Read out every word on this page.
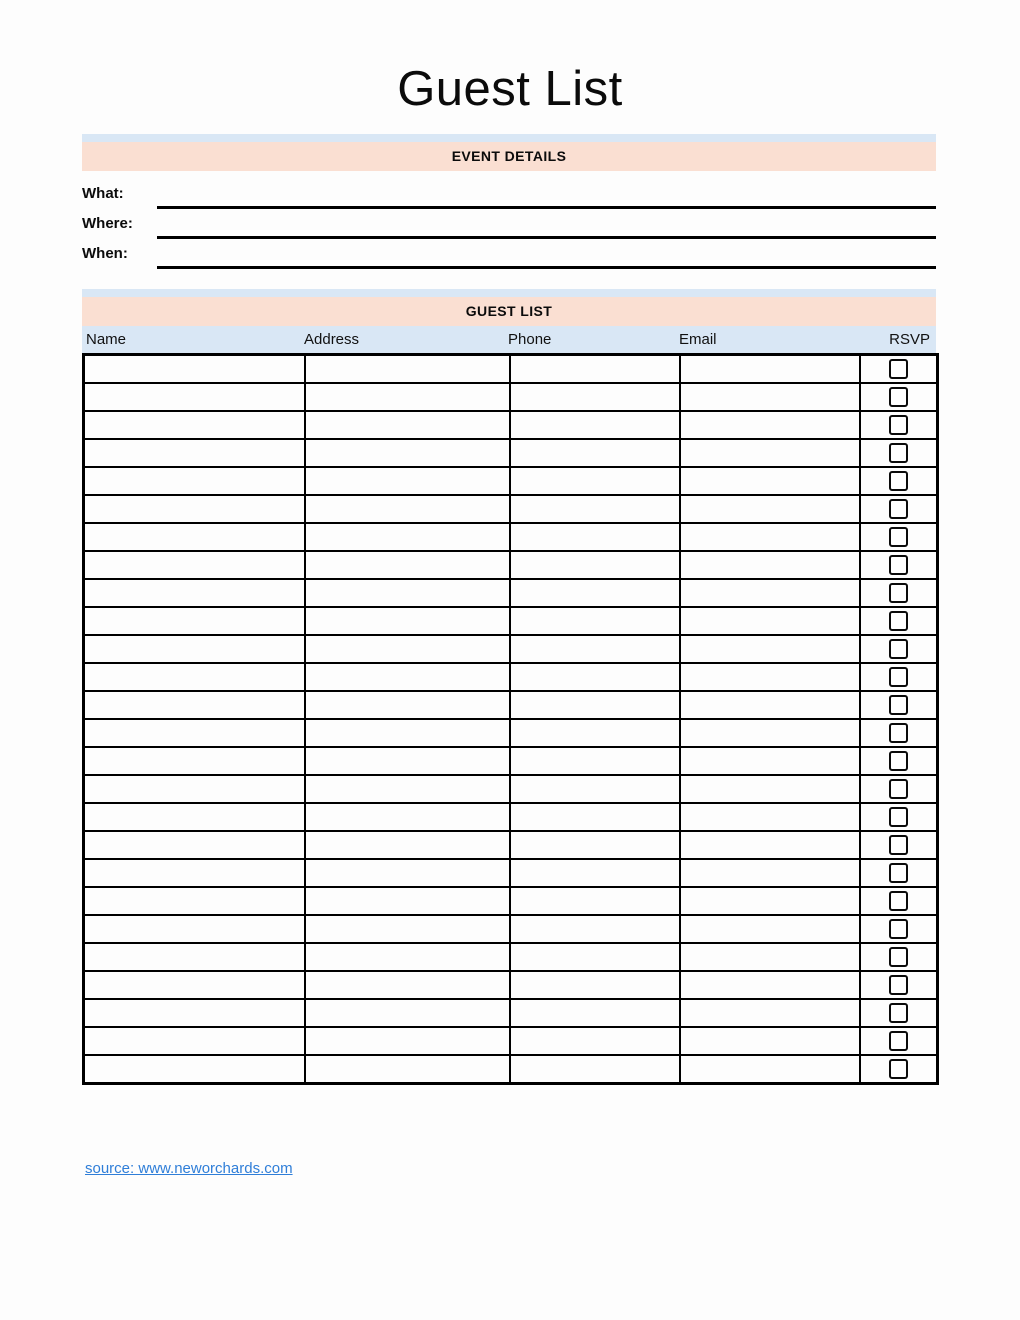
Guest List
EVENT DETAILS
What:
Where:
When:
GUEST LIST
Name	Address	Phone	Email	RSVP

source: www.neworchards.com
